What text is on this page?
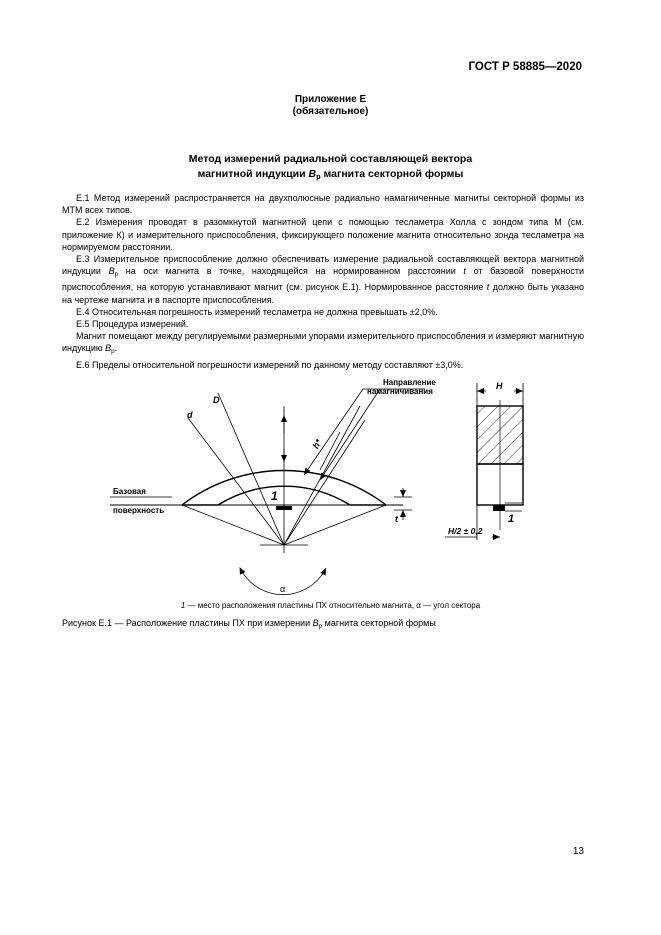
ГОСТ Р 58885—2020
Приложение Е
(обязательное)
Метод измерений радиальной составляющей вектора
магнитной индукции $B_р$ магнита секторной формы

Е.1 Метод измерений распространяется на двухполюсные радиально намагниченные магниты секторной формы из МТМ всех типов.

Е.2 Измерения проводят в разомкнутой магнитной цепи с помощью тесламетра Холла с зондом типа М (см. приложение К) и измерительного приспособления, фиксирующего положение магнита относительно зонда тесламетра на нормируемом расстоянии.

Е.3 Измерительное приспособление должно обеспечивать измерение радиальной составляющей вектора магнитной индукции $B_р$ на оси магнита в точке, находящейся на нормированном расстоянии t от базовой поверхности приспособления, на которую устанавливают магнит (см. рисунок Е.1). Нормированное расстояние t должно быть указано на чертеже магнита и в паспорте приспособления.

Е.4 Относительная погрешность измерений тесламетра не должна превышать ±2,0%.

Е.5 Процедура измерений.

Магнит помещают между регулируемыми размерными упорами измерительного приспособления и измеряют магнитную индукцию $B_р$.

Е.6 Пределы относительной погрешности измерений по данному методу составляют ±3,0%.

Направление
намагничивания
Базовая
поверхность
D
d
h*
1
t
α
H
H/2 ± 0,2
1
1 — место расположения пластины ПХ относительно магнита, α — угол сектора
Рисунок Е.1 — Расположение пластины ПХ при измерении $B_р$ магнита секторной формы
13
